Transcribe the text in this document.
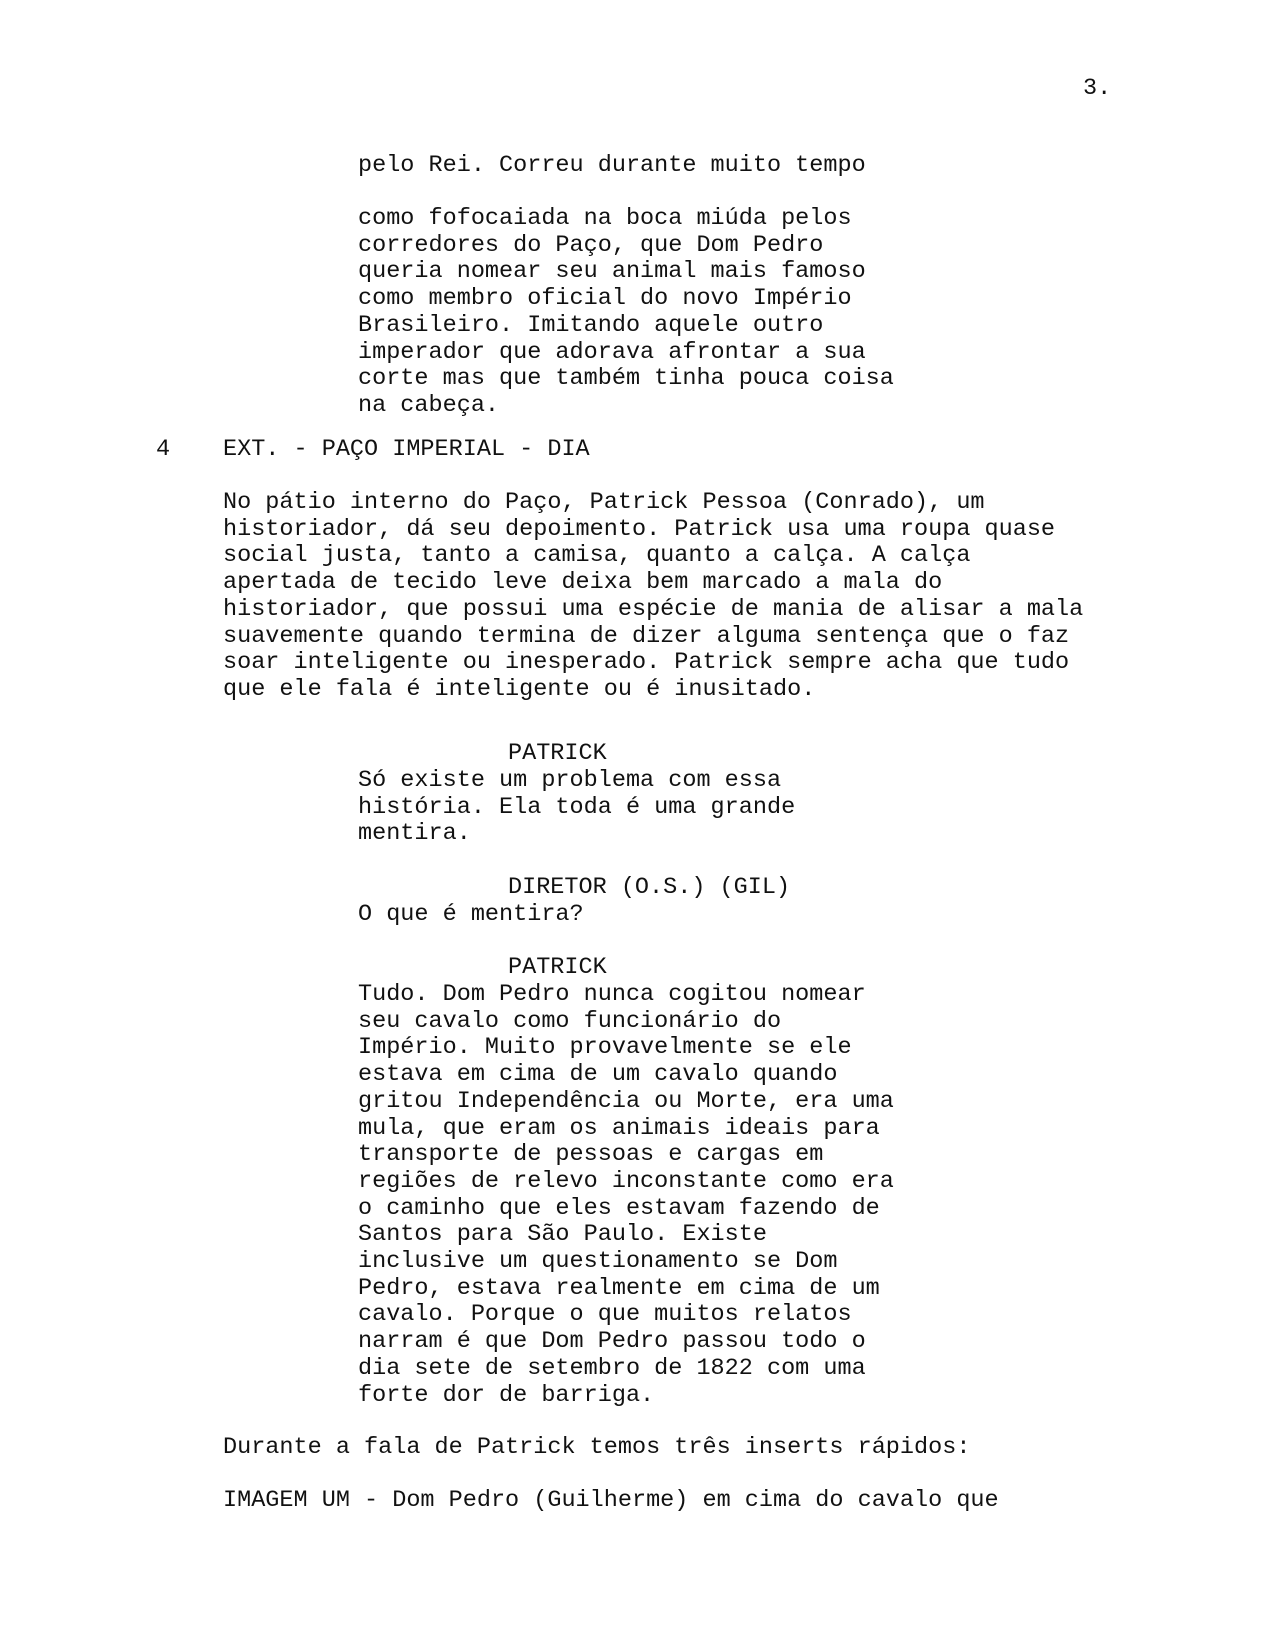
3.

pelo Rei. Correu durante muito tempo

como fofocaiada na boca miúda pelos
corredores do Paço, que Dom Pedro
queria nomear seu animal mais famoso
como membro oficial do novo Império
Brasileiro. Imitando aquele outro
imperador que adorava afrontar a sua
corte mas que também tinha pouca coisa
na cabeça.

4 EXT. - PAÇO IMPERIAL - DIA

No pátio interno do Paço, Patrick Pessoa (Conrado), um
historiador, dá seu depoimento. Patrick usa uma roupa quase
social justa, tanto a camisa, quanto a calça. A calça
apertada de tecido leve deixa bem marcado a mala do
historiador, que possui uma espécie de mania de alisar a mala
suavemente quando termina de dizer alguma sentença que o faz
soar inteligente ou inesperado. Patrick sempre acha que tudo
que ele fala é inteligente ou é inusitado.

PATRICK

Só existe um problema com essa
história. Ela toda é uma grande
mentira.

DIRETOR (O.S.) (GIL)

O que é mentira?

PATRICK

Tudo. Dom Pedro nunca cogitou nomear
seu cavalo como funcionário do
Império. Muito provavelmente se ele
estava em cima de um cavalo quando
gritou Independência ou Morte, era uma
mula, que eram os animais ideais para
transporte de pessoas e cargas em
regiões de relevo inconstante como era
o caminho que eles estavam fazendo de
Santos para São Paulo. Existe
inclusive um questionamento se Dom
Pedro, estava realmente em cima de um
cavalo. Porque o que muitos relatos
narram é que Dom Pedro passou todo o
dia sete de setembro de 1822 com uma
forte dor de barriga.

Durante a fala de Patrick temos três inserts rápidos:

IMAGEM UM - Dom Pedro (Guilherme) em cima do cavalo que
